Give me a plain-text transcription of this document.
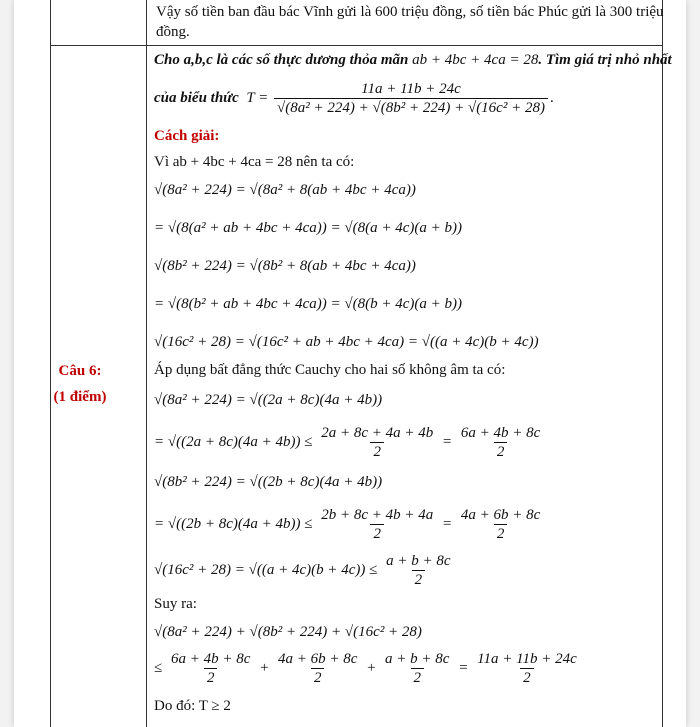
Vậy số tiền ban đầu bác Vĩnh gửi là 600 triệu đồng, số tiền bác Phúc gửi là 300 triệu
đồng.
Câu 6:
(1 điểm)
Cho a,b,c là các số thực dương thỏa mãn ab + 4bc + 4ca = 28. Tìm giá trị nhỏ nhất
của biểu thức  $T = \frac{11a + 11b + 24c}{\text{√(8a² + 224) + √(8b² + 224) + √(16c² + 28)}}$ .
Cách giải:
Vì ab + 4bc + 4ca = 28 nên ta có:
√(8a² + 224) = √(8a² + 8(ab + 4bc + 4ca))
= √(8(a² + ab + 4bc + 4ca)) = √(8(a + 4c)(a + b))
√(8b² + 224) = √(8b² + 8(ab + 4bc + 4ca))
= √(8(b² + ab + 4bc + 4ca)) = √(8(b + 4c)(a + b))
√(16c² + 28) = √(16c² + ab + 4bc + 4ca) = √((a + 4c)(b + 4c))
Áp dụng bất đẳng thức Cauchy cho hai số không âm ta có:
√(8a² + 224) = √((2a + 8c)(4a + 4b))
= $√((2a + 8c)(4a + 4b)) \le \frac{2a + 8c + 4a + 4b}{2} = \frac{6a + 4b + 8c}{2}$
√(8b² + 224) = √((2b + 8c)(4a + 4b))
= $√((2b + 8c)(4a + 4b)) \le \frac{2b + 8c + 4b + 4a}{2} = \frac{4a + 6b + 8c}{2}$
$√(16c^2 + 28) = √((a + 4c)(b + 4c)) \le \frac{a + b + 8c}{2}$
Suy ra:
√(8a² + 224) + √(8b² + 224) + √(16c² + 28)
≤ $\frac{6a + 4b + 8c}{2} + \frac{4a + 6b + 8c}{2} + \frac{a + b + 8c}{2} = \frac{11a + 11b + 24c}{2}$
Do đó: T ≥ 2
